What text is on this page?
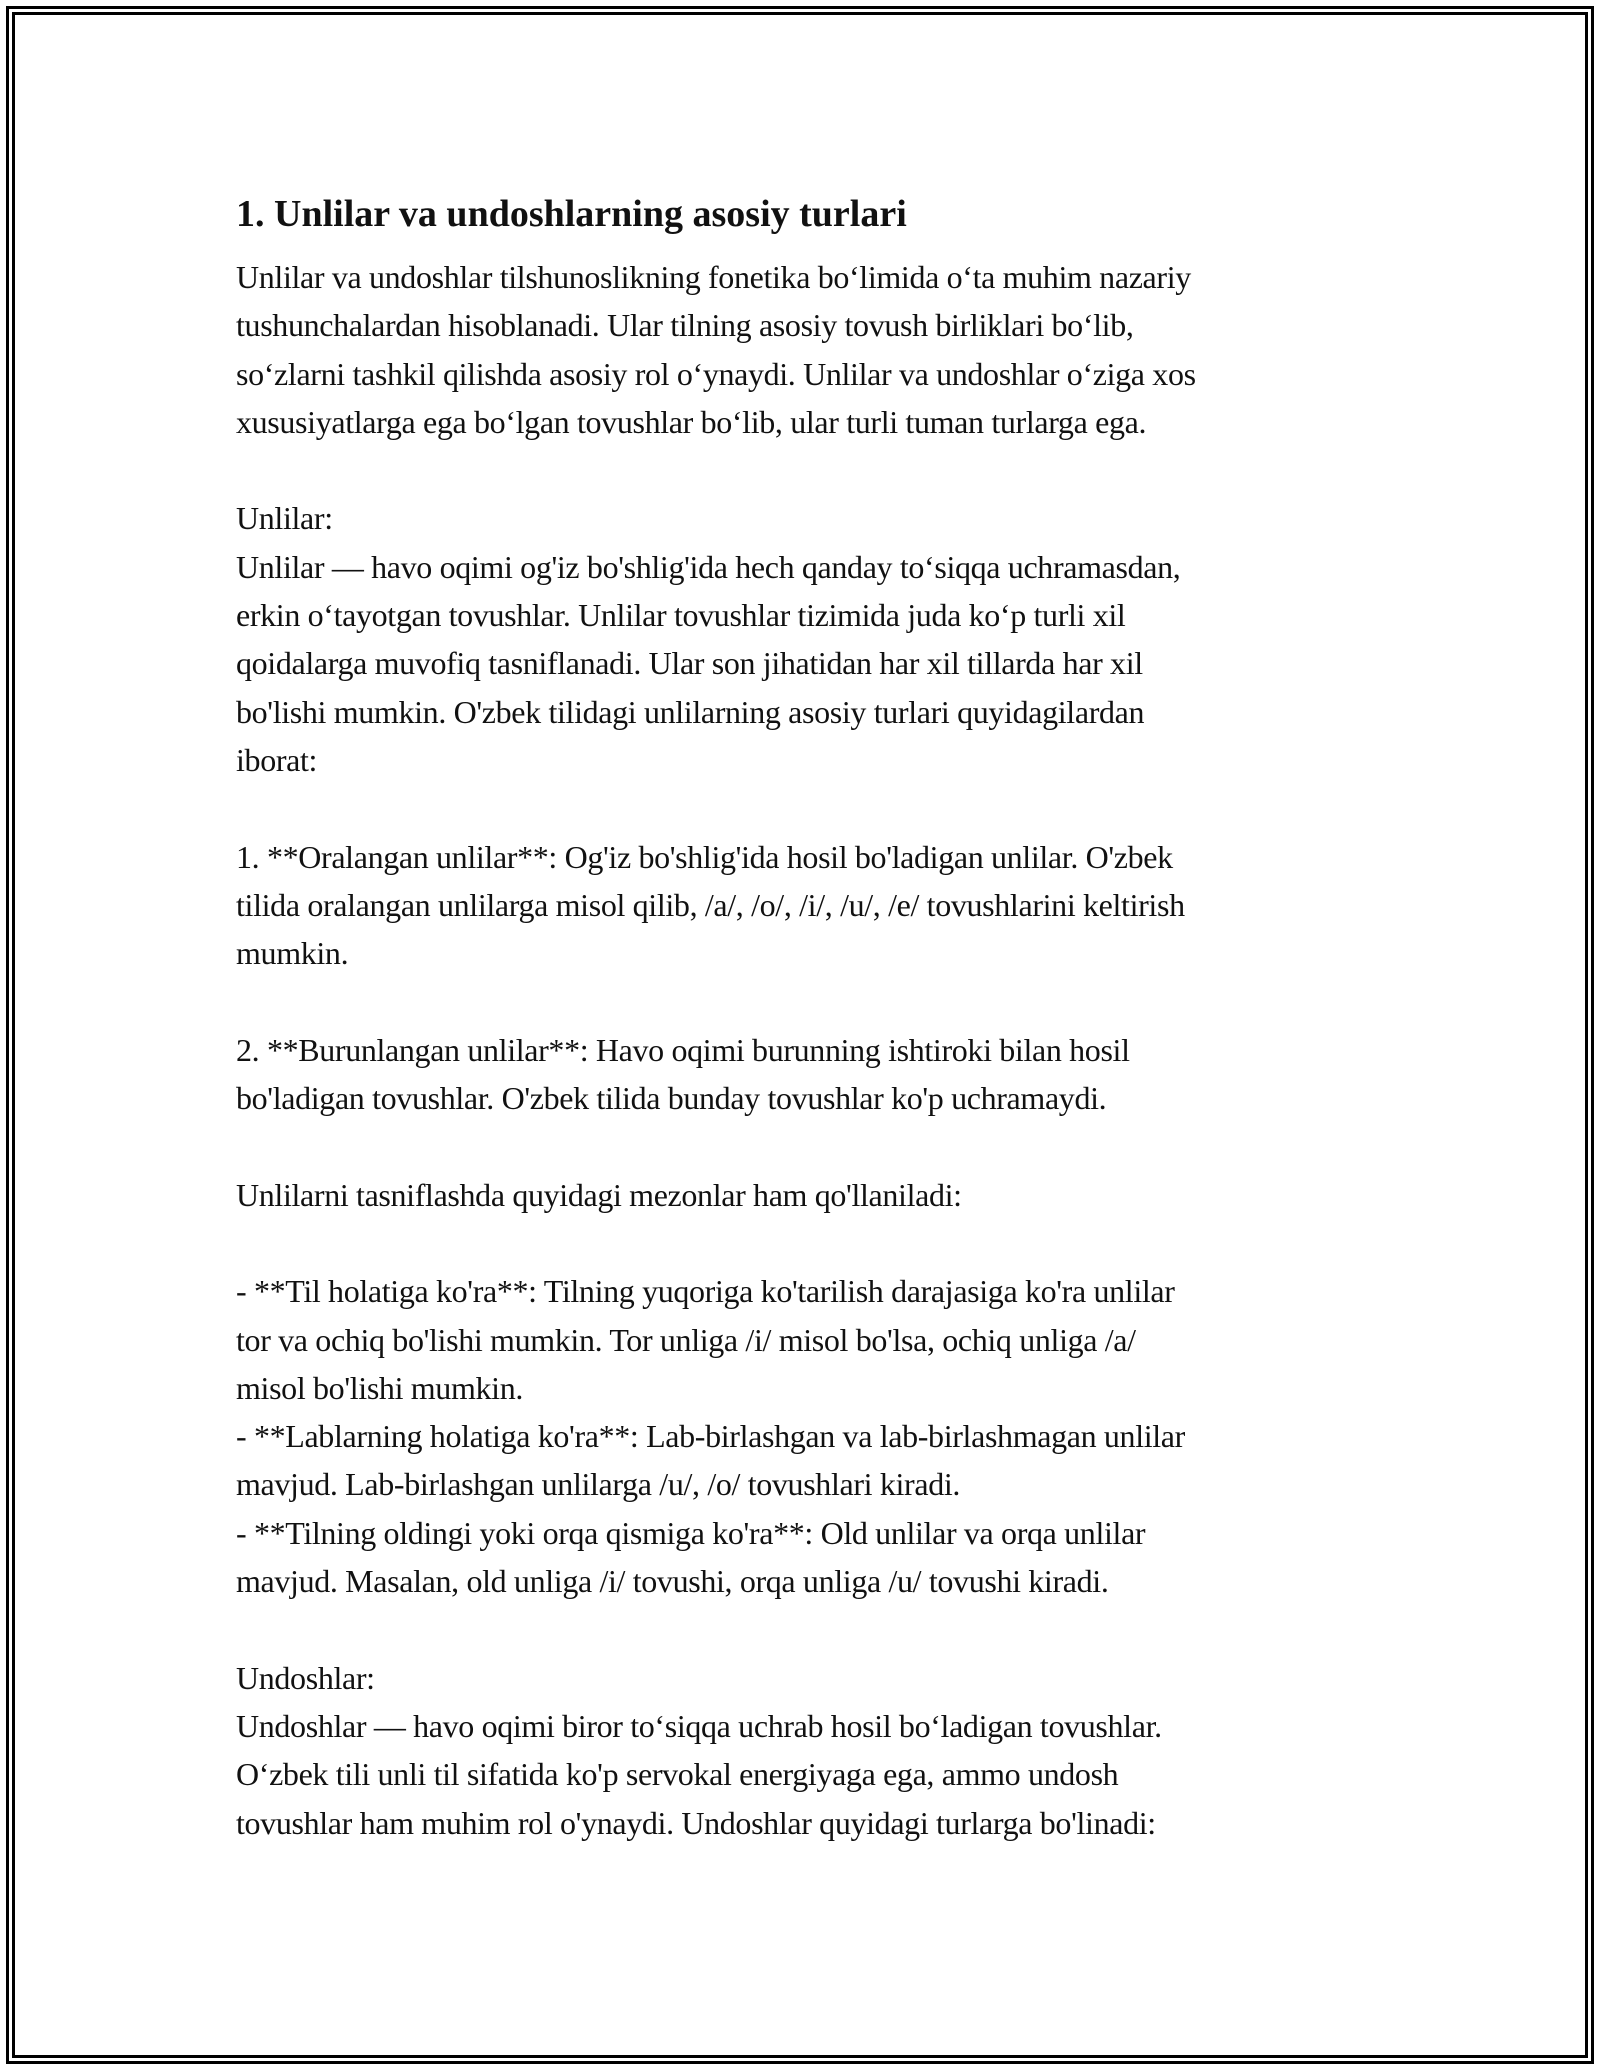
1. Unlilar va undoshlarning asosiy turlari

Unlilar va undoshlar tilshunoslikning fonetika bo‘limida o‘ta muhim nazariy
tushunchalardan hisoblanadi. Ular tilning asosiy tovush birliklari bo‘lib,
so‘zlarni tashkil qilishda asosiy rol o‘ynaydi. Unlilar va undoshlar o‘ziga xos
xususiyatlarga ega bo‘lgan tovushlar bo‘lib, ular turli tuman turlarga ega.

Unlilar:
Unlilar — havo oqimi og'iz bo'shlig'ida hech qanday to‘siqqa uchramasdan,
erkin o‘tayotgan tovushlar. Unlilar tovushlar tizimida juda ko‘p turli xil
qoidalarga muvofiq tasniflanadi. Ular son jihatidan har xil tillarda har xil
bo'lishi mumkin. O'zbek tilidagi unlilarning asosiy turlari quyidagilardan
iborat:

1. **Oralangan unlilar**: Og'iz bo'shlig'ida hosil bo'ladigan unlilar. O'zbek
tilida oralangan unlilarga misol qilib, /a/, /o/, /i/, /u/, /e/ tovushlarini keltirish
mumkin.

2. **Burunlangan unlilar**: Havo oqimi burunning ishtiroki bilan hosil
bo'ladigan tovushlar. O'zbek tilida bunday tovushlar ko'p uchramaydi.

Unlilarni tasniflashda quyidagi mezonlar ham qo'llaniladi:

- **Til holatiga ko'ra**: Tilning yuqoriga ko'tarilish darajasiga ko'ra unlilar
tor va ochiq bo'lishi mumkin. Tor unliga /i/ misol bo'lsa, ochiq unliga /a/
misol bo'lishi mumkin.
- **Lablarning holatiga ko'ra**: Lab-birlashgan va lab-birlashmagan unlilar
mavjud. Lab-birlashgan unlilarga /u/, /o/ tovushlari kiradi.
- **Tilning oldingi yoki orqa qismiga ko'ra**: Old unlilar va orqa unlilar
mavjud. Masalan, old unliga /i/ tovushi, orqa unliga /u/ tovushi kiradi.

Undoshlar:
Undoshlar — havo oqimi biror to‘siqqa uchrab hosil bo‘ladigan tovushlar.
O‘zbek tili unli til sifatida ko'p servokal energiyaga ega, ammo undosh
tovushlar ham muhim rol o'ynaydi. Undoshlar quyidagi turlarga bo'linadi:
